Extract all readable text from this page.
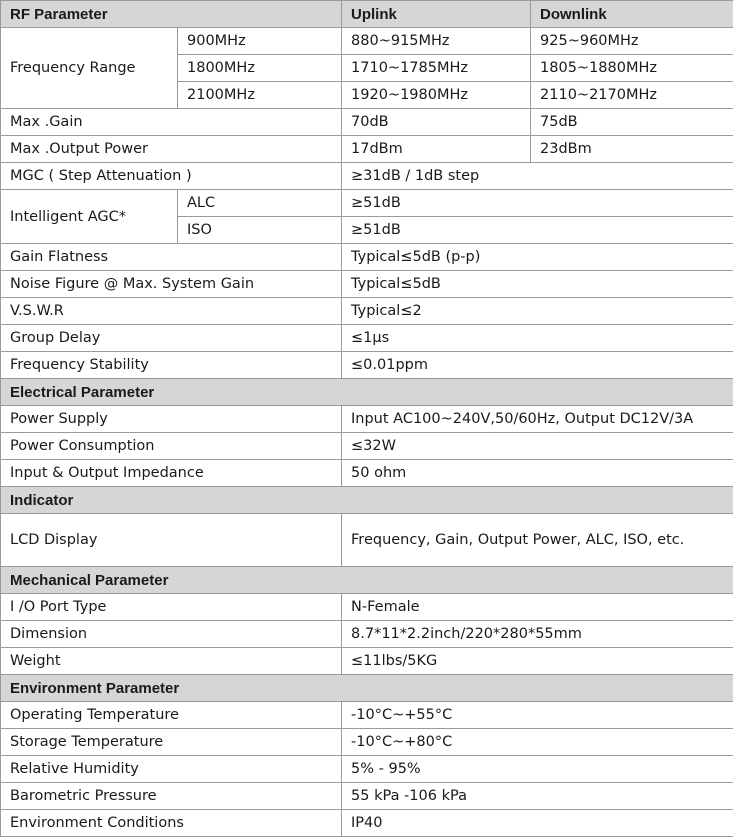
RF Parameter		Uplink	Downlink
Frequency Range	900MHz	880~915MHz	925~960MHz
	1800MHz	1710~1785MHz	1805~1880MHz
	2100MHz	1920~1980MHz	2110~2170MHz
Max .Gain		70dB	75dB
Max .Output Power		17dBm	23dBm
MGC ( Step Attenuation )		≥31dB / 1dB step	
Intelligent AGC*	ALC	≥51dB	
	ISO	≥51dB	
Gain Flatness		Typical≤5dB (p-p)	
Noise Figure @ Max. System Gain		Typical≤5dB	
V.S.W.R		Typical≤2	
Group Delay		≤1μs	
Frequency Stability		≤0.01ppm	
Electrical Parameter			
Power Supply		Input AC100~240V,50/60Hz, Output DC12V/3A	
Power Consumption		≤32W	
Input & Output Impedance		50 ohm	
Indicator			
LCD Display		Frequency, Gain, Output Power, ALC, ISO, etc.	
Mechanical Parameter			
I /O Port Type		N-Female	
Dimension		8.7*11*2.2inch/220*280*55mm	
Weight		≤11lbs/5KG	
Environment Parameter			
Operating Temperature		-10°C~+55°C	
Storage Temperature		-10°C~+80°C	
Relative Humidity		5% - 95%	
Barometric Pressure		55 kPa -106 kPa	
Environment Conditions		IP40	
